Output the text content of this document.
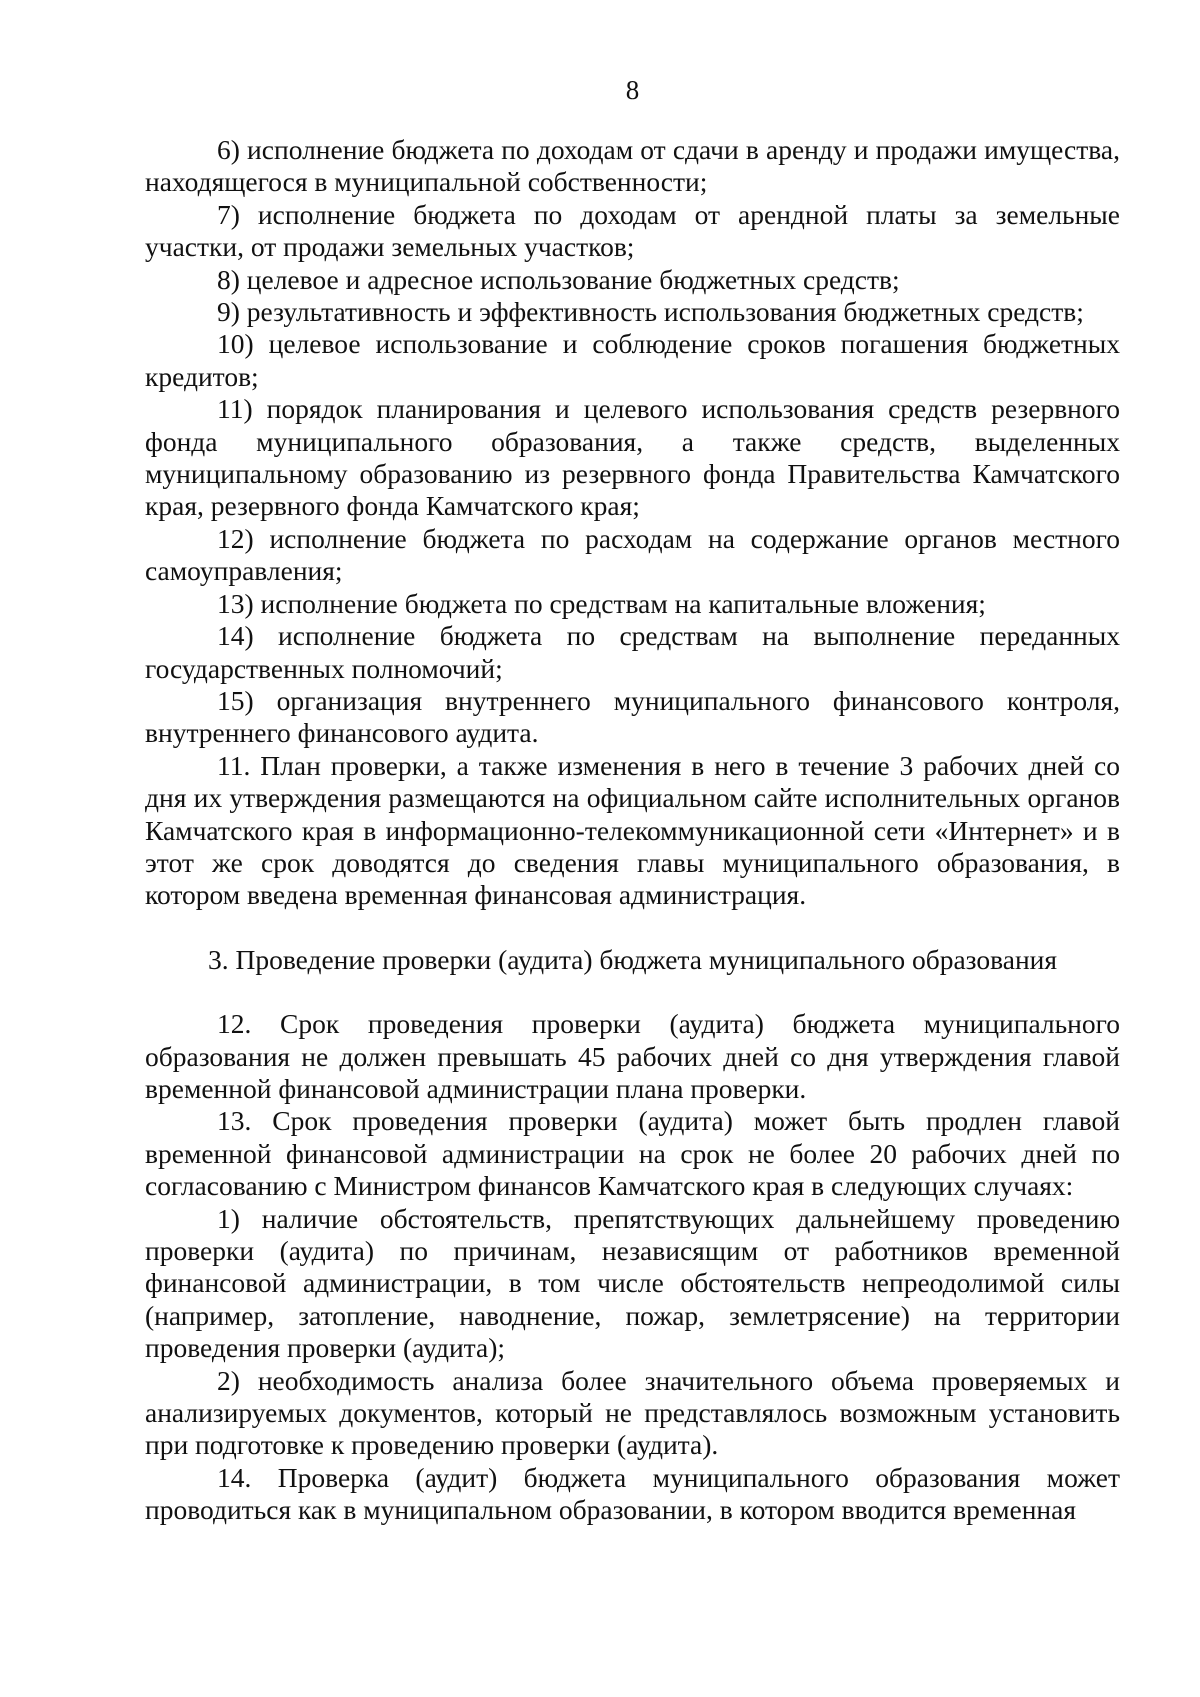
8

6) исполнение бюджета по доходам от сдачи в аренду и продажи имущества, находящегося в муниципальной собственности;

7) исполнение бюджета по доходам от арендной платы за земельные участки, от продажи земельных участков;

8) целевое и адресное использование бюджетных средств;

9) результативность и эффективность использования бюджетных средств;

10) целевое использование и соблюдение сроков погашения бюджетных кредитов;

11) порядок планирования и целевого использования средств резервного фонда муниципального образования, а также средств, выделенных муниципальному образованию из резервного фонда Правительства Камчатского края, резервного фонда Камчатского края;

12) исполнение бюджета по расходам на содержание органов местного самоуправления;

13) исполнение бюджета по средствам на капитальные вложения;

14) исполнение бюджета по средствам на выполнение переданных государственных полномочий;

15) организация внутреннего муниципального финансового контроля, внутреннего финансового аудита.

11. План проверки, а также изменения в него в течение 3 рабочих дней со дня их утверждения размещаются на официальном сайте исполнительных органов Камчатского края в информационно-телекоммуникационной сети «Интернет» и в этот же срок доводятся до сведения главы муниципального образования, в котором введена временная финансовая администрация.

3. Проведение проверки (аудита) бюджета муниципального образования

12. Срок проведения проверки (аудита) бюджета муниципального образования не должен превышать 45 рабочих дней со дня утверждения главой временной финансовой администрации плана проверки.

13. Срок проведения проверки (аудита) может быть продлен главой временной финансовой администрации на срок не более 20 рабочих дней по согласованию с Министром финансов Камчатского края в следующих случаях:

1) наличие обстоятельств, препятствующих дальнейшему проведению проверки (аудита) по причинам, независящим от работников временной финансовой администрации, в том числе обстоятельств непреодолимой силы (например, затопление, наводнение, пожар, землетрясение) на территории проведения проверки (аудита);

2) необходимость анализа более значительного объема проверяемых и анализируемых документов, который не представлялось возможным установить при подготовке к проведению проверки (аудита).

14. Проверка (аудит) бюджета муниципального образования может проводиться как в муниципальном образовании, в котором вводится временная
